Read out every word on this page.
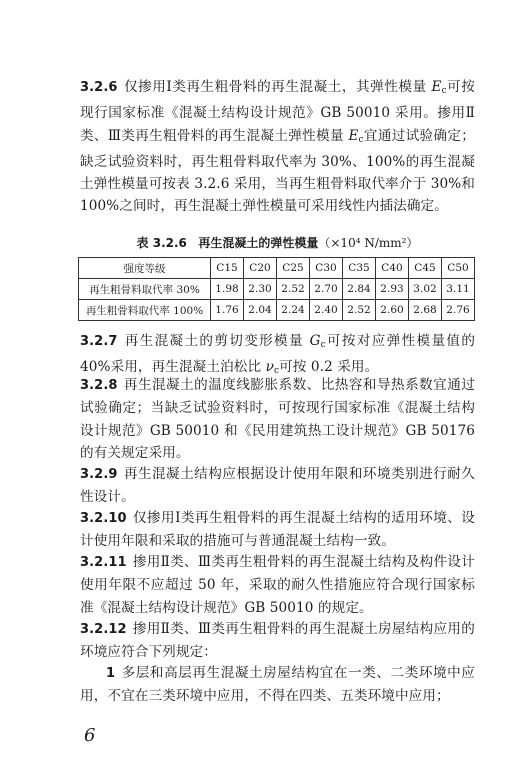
3.2.6 仅掺用Ⅰ类再生粗骨料的再生混凝土，其弹性模量 $E_c$可按现行国家标准《混凝土结构设计规范》GB 50010 采用。掺用Ⅱ类、Ⅲ类再生粗骨料的再生混凝土弹性模量 $E_c$宜通过试验确定；缺乏试验资料时，再生粗骨料取代率为 30%、100%的再生混凝土弹性模量可按表 3.2.6 采用，当再生粗骨料取代率介于 30%和 100%之间时，再生混凝土弹性模量可采用线性内插法确定。
表 3.2.6 再生混凝土的弹性模量（×10⁴ N/mm²）
强度等级	C15	C20	C25	C30	C35	C40	C45	C50
再生粗骨料取代率 30%	1.98	2.30	2.52	2.70	2.84	2.93	3.02	3.11
再生粗骨料取代率 100%	1.76	2.04	2.24	2.40	2.52	2.60	2.68	2.76
3.2.7 再生混凝土的剪切变形模量 $G_c$可按对应弹性模量值的 40%采用，再生混凝土泊松比 $\nu_c$可按 0.2 采用。
3.2.8 再生混凝土的温度线膨胀系数、比热容和导热系数宜通过试验确定；当缺乏试验资料时，可按现行国家标准《混凝土结构设计规范》GB 50010 和《民用建筑热工设计规范》GB 50176 的有关规定采用。
3.2.9 再生混凝土结构应根据设计使用年限和环境类别进行耐久性设计。
3.2.10 仅掺用Ⅰ类再生粗骨料的再生混凝土结构的适用环境、设计使用年限和采取的措施可与普通混凝土结构一致。
3.2.11 掺用Ⅱ类、Ⅲ类再生粗骨料的再生混凝土结构及构件设计使用年限不应超过 50 年，采取的耐久性措施应符合现行国家标准《混凝土结构设计规范》GB 50010 的规定。
3.2.12 掺用Ⅱ类、Ⅲ类再生粗骨料的再生混凝土房屋结构应用的环境应符合下列规定：
1 多层和高层再生混凝土房屋结构宜在一类、二类环境中应用，不宜在三类环境中应用，不得在四类、五类环境中应用；
6
